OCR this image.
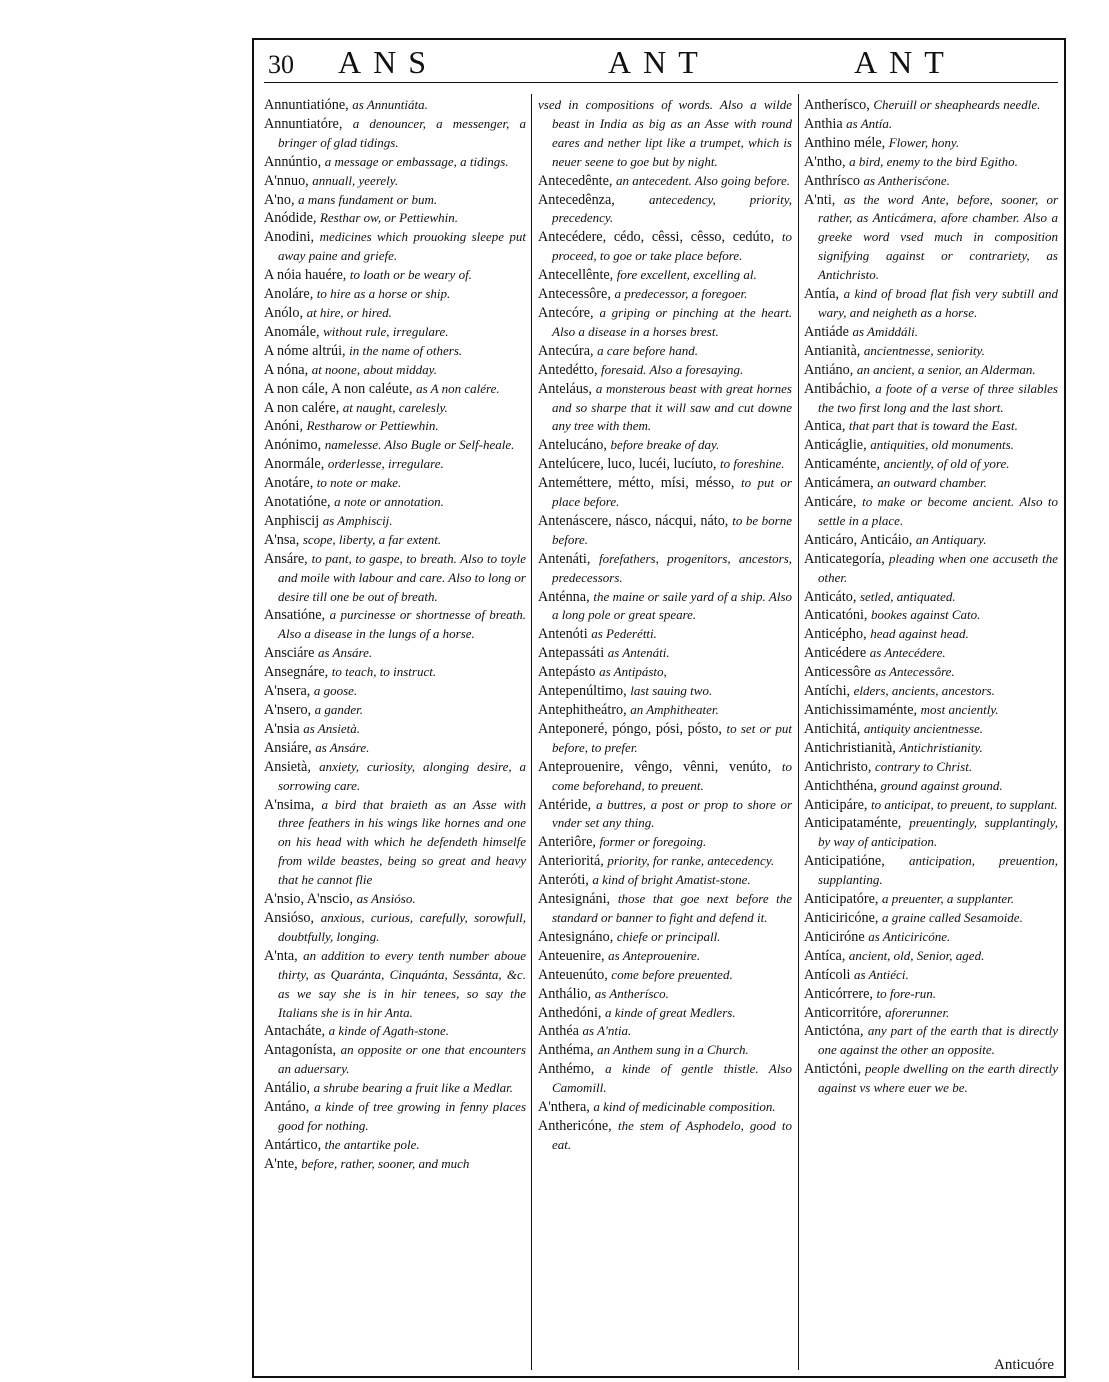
30 ANS	ANT	ANT

Annuntiatióne, as Annuntiáta.

Annuntiatóre, a denouncer, a messenger, a bringer of glad tidings.

Annúntio, a message or embassage, a tidings.

A'nnuo, annuall, yeerely.

A'no, a mans fundament or bum.

Anódide, Resthar ow, or Pettiewhin.

Anodini, medicines which prouoking sleepe put away paine and griefe.

A nóia hauére, to loath or be weary of.

Anoláre, to hire as a horse or ship.

Anólo, at hire, or hired.

Anomále, without rule, irregulare.

A nóme altrúi, in the name of others.

A nóna, at noone, about midday.

A non cále, A non caléute, as A non calére.

A non calére, at naught, carelesly.

Anóni, Restharow or Pettiewhin.

Anónimo, namelesse. Also Bugle or Self-heale.

Anormále, orderlesse, irregulare.

Anotáre, to note or make.

Anotatióne, a note or annotation.

Anphiscij as Amphiscij.

A'nsa, scope, liberty, a far extent.

Ansáre, to pant, to gaspe, to breath. Also to toyle and moile with labour and care. Also to long or desire till one be out of breath.

Ansatióne, a purcinesse or shortnesse of breath. Also a disease in the lungs of a horse.

Ansciáre as Ansáre.

Ansegnáre, to teach, to instruct.

A'nsera, a goose.

A'nsero, a gander.

A'nsia as Ansietà.

Ansiáre, as Ansáre.

Ansietà, anxiety, curiosity, alonging desire, a sorrowing care.

A'nsima, a bird that braieth as an Asse with three feathers in his wings like hornes and one on his head with which he defendeth himselfe from wilde beastes, being so great and heavy that he cannot flie

A'nsio, A'nscio, as Ansióso.

Ansióso, anxious, curious, carefully, sorowfull, doubtfully, longing.

A'nta, an addition to every tenth number aboue thirty, as Quaránta, Cinquánta, Sessánta, &c. as we say she is in hir tenees, so say the Italians she is in hir Anta.

Antacháte, a kinde of Agath-stone.

Antagonísta, an opposite or one that encounters an aduersary.

Antálio, a shrube bearing a fruit like a Medlar.

Antáno, a kinde of tree growing in fenny places good for nothing.

Antártico, the antartike pole.

A'nte, before, rather, sooner, and much

vsed in compositions of words. Also a wilde beast in India as big as an Asse with round eares and nether lipt like a trumpet, which is neuer seene to goe but by night.

Antecedênte, an antecedent. Also going before.

Antecedênza,	antecedency, priority, precedency.

Antecédere, cédo, cêssi, cêsso, cedúto, to proceed, to goe or take place before.

Antecellênte, fore excellent, excelling al.

Antecessôre, a predecessor, a foregoer.

Antecóre, a griping or pinching at the heart. Also a disease in a horses brest.

Antecúra, a care before hand.

Antedétto, foresaid. Also a foresaying.

Anteláus, a monsterous beast with great hornes and so sharpe that it will saw and cut downe any tree with them.

Antelucáno, before breake of day.

Antelúcere, luco, lucéi, lucíuto, to foreshine.

Anteméttere, métto, mísi, mésso, to put or place before.

Antenáscere, násco, nácqui, náto, to be borne before.

Antenáti, forefathers, progenitors, ancestors, predecessors.

Anténna, the maine or saile yard of a ship. Also a long pole or great speare.

Antenóti as Pederétti.

Antepassáti as Antenáti.

Antepásto as Antipásto,

Antepenúltimo, last sauing two.

Antephitheátro, an Amphitheater.

Anteponeré, póngo, pósi, pósto, to set or put before, to prefer.

Anteprouenire, vêngo, vênni, venúto, to come beforehand, to preuent.

Antéride, a buttres, a post or prop to shore or vnder set any thing.

Anteriôre, former or foregoing.

Anterioritá, priority, for ranke, antecedency.

Anteróti, a kind of bright Amatist-stone.

Antesignáni, those that goe next before the standard or banner to fight and defend it.

Antesignáno, chiefe or principall.

Anteuenire, as Anteprouenire.

Anteuenúto, come before preuented.

Anthálio, as Antherísco.

Anthedóni, a kinde of great Medlers.

Anthéa as A'ntia.

Anthéma, an Anthem sung in a Church.

Anthémo, a kinde of gentle thistle. Also Camomill.

A'nthera, a kind of medicinable composition.

Anthericóne, the stem of Asphodelo, good to eat.

Antherísco, Cheruill or sheapheards needle.

Anthia as Antía.

Anthino méle, Flower, hony.

A'ntho, a bird, enemy to the bird Egitho.

Anthrísco as Antherisćone.

A'nti, as the word Ante, before, sooner, or rather, as Anticámera, afore chamber. Also a greeke word vsed much in composition signifying against or contrariety, as Antichristo.

Antía, a kind of broad flat fish very subtill and wary, and neigheth as a horse.

Antiáde as Amiddáli.

Antianità, ancientnesse, seniority.

Antiáno, an ancient, a senior, an Alderman.

Antibáchio, a foote of a verse of three silables the two first long and the last short.

Antica, that part that is toward the East.

Anticáglie, antiquities, old monuments.

Anticaménte, anciently, of old of yore.

Anticámera, an outward chamber.

Anticáre, to make or become ancient. Also to settle in a place.

Anticáro, Anticáio, an Antiquary.

Anticategoría, pleading when one accuseth the other.

Anticáto, setled, antiquated.

Anticatóni, bookes against Cato.

Anticépho, head against head.

Anticédere as Antecédere.

Anticessôre as Antecessôre.

Antíchi, elders, ancients, ancestors.

Antichissimaménte, most anciently.

Antichitá, antiquity ancientnesse.

Antichristianità, Antichristianity.

Antichristo, contrary to Christ.

Antichthéna, ground against ground.

Anticipáre, to anticipat, to preuent, to supplant.

Anticipataménte, preuentingly, supplantingly, by way of anticipation.

Anticipatióne, anticipation, preuention, supplanting.

Anticipatóre, a preuenter, a supplanter.

Anticiricóne, a graine called Sesamoide.

Anticiróne as Anticiricóne.

Antíca, ancient, old, Senior, aged.

Antícoli as Antiéci.

Anticórrere, to fore-run.

Anticorritóre, aforerunner.

Antictóna, any part of the earth that is directly one against the other an opposite.

Antictóni, people dwelling on the earth directly against vs where euer we be.

Anticuóre
